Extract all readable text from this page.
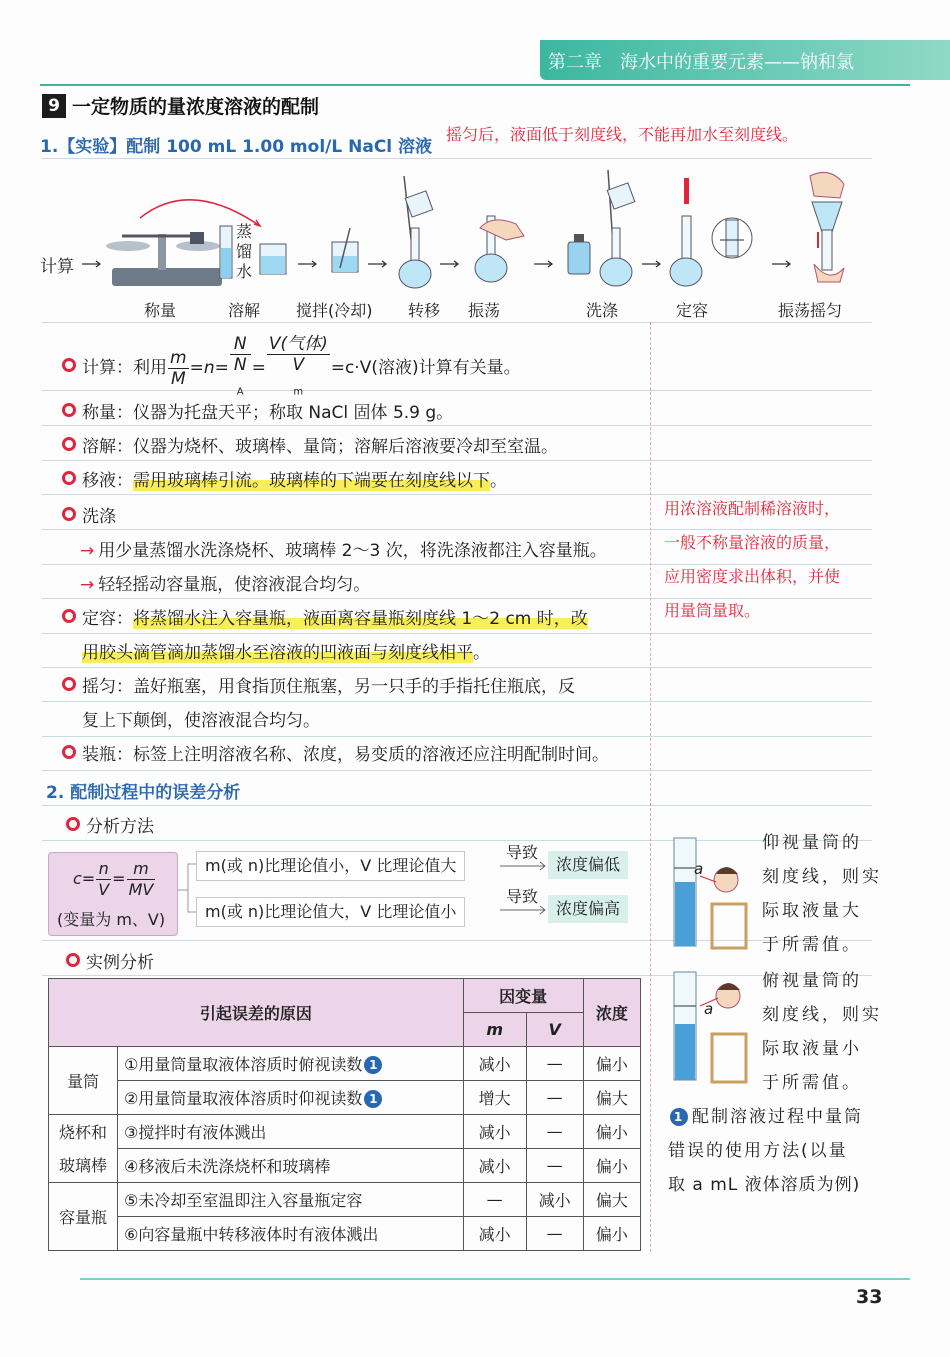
第二章　海水中的重要元素——钠和氯
9 一定物质的量浓度溶液的配制
1.【实验】配制 100 mL 1.00 mol/L NaCl 溶液
摇匀后，液面低于刻度线，不能再加水至刻度线。
计算
蒸馏水
称量	溶解 搅拌(冷却) 转移 振荡	洗涤	定容	振荡摇匀
计算：利用 $\frac{m}{M} =n= N$
N
$_A$ = V(气体)
V
$_m$ =c·V(溶液)计算有关量。
称量：仪器为托盘天平；称取 NaCl 固体 5.9 g。
溶解：仪器为烧杯、玻璃棒、量筒；溶解后溶液要冷却至室温。
移液：需用玻璃棒引流。玻璃棒的下端要在刻度线以下。
洗涤
→ 用少量蒸馏水洗涤烧杯、玻璃棒 2～3 次，将洗涤液都注入容量瓶。
→ 轻轻摇动容量瓶，使溶液混合均匀。
定容：将蒸馏水注入容量瓶，液面离容量瓶刻度线 1～2 cm 时，改
用胶头滴管滴加蒸馏水至溶液的凹液面与刻度线相平。
摇匀：盖好瓶塞，用食指顶住瓶塞，另一只手的手指托住瓶底，反
复上下颠倒，使溶液混合均匀。
装瓶：标签上注明溶液名称、浓度，易变质的溶液还应注明配制时间。
用浓溶液配制稀溶液时，
一般不称量溶液的质量，
应用密度求出体积，并使
用量筒量取。
2. 配制过程中的误差分析
分析方法
$c= \frac{n}{V} = \frac{m}{MV}$
(变量为 m、V)
m(或 n)比理论值小，V 比理论值大
m(或 n)比理论值大，V 比理论值小
导致
导致
浓度偏低
浓度偏高
实例分析
引起误差的原因		因变量		浓度
		m	V	
量筒	①用量筒量取液体溶质时俯视读数 1	减小	—	偏小
	②用量筒量取液体溶质时仰视读数 1	增大	—	偏大
烧杯和
玻璃棒	③搅拌时有液体溅出	减小	—	偏小
	④移液后未洗涤烧杯和玻璃棒	减小	—	偏小
容量瓶	⑤未冷却至室温即注入容量瓶定容	—	减小	偏大
	⑥向容量瓶中转移液体时有液体溅出	减小	—	偏小
a
a
仰视量筒的
刻度线，则实
际取液量大
于所需值。
俯视量筒的
刻度线，则实
际取液量小
于所需值。
1 配制溶液过程中量筒
错误的使用方法(以量
取 a mL 液体溶质为例)
33
